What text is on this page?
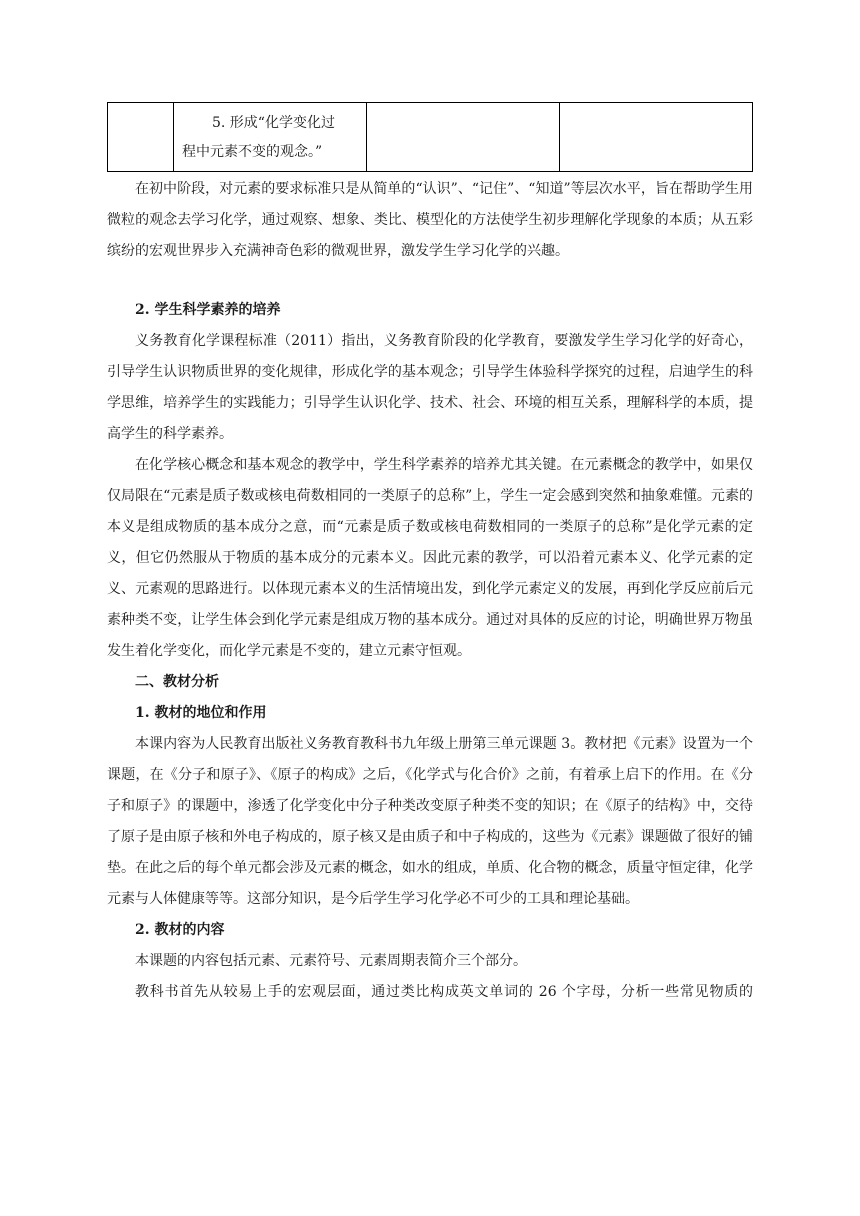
5. 形成“化学变化过
程中元素不变的观念。”

在初中阶段，对元素的要求标准只是从简单的“认识”、“记住”、“知道”等层次水平，旨在帮助学生用微粒的观念去学习化学，通过观察、想象、类比、模型化的方法使学生初步理解化学现象的本质；从五彩缤纷的宏观世界步入充满神奇色彩的微观世界，激发学生学习化学的兴趣。

2. 学生科学素养的培养

义务教育化学课程标准（2011）指出，义务教育阶段的化学教育，要激发学生学习化学的好奇心，引导学生认识物质世界的变化规律，形成化学的基本观念；引导学生体验科学探究的过程，启迪学生的科学思维，培养学生的实践能力；引导学生认识化学、技术、社会、环境的相互关系，理解科学的本质，提高学生的科学素养。

在化学核心概念和基本观念的教学中，学生科学素养的培养尤其关键。在元素概念的教学中，如果仅仅局限在“元素是质子数或核电荷数相同的一类原子的总称”上，学生一定会感到突然和抽象难懂。元素的本义是组成物质的基本成分之意，而“元素是质子数或核电荷数相同的一类原子的总称”是化学元素的定义，但它仍然服从于物质的基本成分的元素本义。因此元素的教学，可以沿着元素本义、化学元素的定义、元素观的思路进行。以体现元素本义的生活情境出发，到化学元素定义的发展，再到化学反应前后元素种类不变，让学生体会到化学元素是组成万物的基本成分。通过对具体的反应的讨论，明确世界万物虽发生着化学变化，而化学元素是不变的，建立元素守恒观。

二、教材分析
1. 教材的地位和作用

本课内容为人民教育出版社义务教育教科书九年级上册第三单元课题 3。教材把《元素》设置为一个课题，在《分子和原子》、《原子的构成》之后，《化学式与化合价》之前，有着承上启下的作用。在《分子和原子》的课题中，渗透了化学变化中分子种类改变原子种类不变的知识；在《原子的结构》中，交待了原子是由原子核和外电子构成的，原子核又是由质子和中子构成的，这些为《元素》课题做了很好的铺垫。在此之后的每个单元都会涉及元素的概念，如水的组成，单质、化合物的概念，质量守恒定律，化学元素与人体健康等等。这部分知识，是今后学生学习化学必不可少的工具和理论基础。

2. 教材的内容

本课题的内容包括元素、元素符号、元素周期表简介三个部分。

教科书首先从较易上手的宏观层面，通过类比构成英文单词的 26 个字母，分析一些常见物质的
